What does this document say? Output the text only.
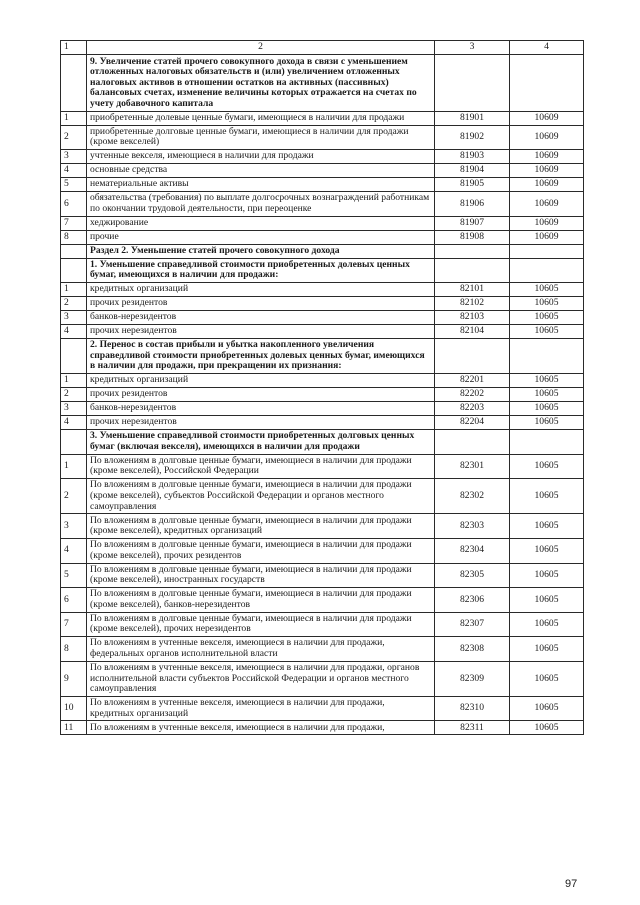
1	2	3	4
	9. Увеличение статей прочего совокупного дохода в связи с уменьшением отложенных налоговых обязательств и (или) увеличением отложенных налоговых активов в отношении остатков на активных (пассивных) балансовых счетах, изменение величины которых отражается на счетах по учету добавочного капитала		
1	приобретенные долевые ценные бумаги, имеющиеся в наличии для продажи	81901	10609
2	приобретенные долговые ценные бумаги, имеющиеся в наличии для продажи (кроме векселей)	81902	10609
3	учтенные векселя, имеющиеся в наличии для продажи	81903	10609
4	основные средства	81904	10609
5	нематериальные активы	81905	10609
6	обязательства (требования) по выплате долгосрочных вознаграждений работникам по окончании трудовой деятельности, при переоценке	81906	10609
7	хеджирование	81907	10609
8	прочие	81908	10609
	Раздел 2. Уменьшение статей прочего совокупного дохода		
	1. Уменьшение справедливой стоимости приобретенных долевых ценных бумаг, имеющихся в наличии для продажи:		
1	кредитных организаций	82101	10605
2	прочих резидентов	82102	10605
3	банков-нерезидентов	82103	10605
4	прочих нерезидентов	82104	10605
	2. Перенос в состав прибыли и убытка накопленного увеличения справедливой стоимости приобретенных долевых ценных бумаг, имеющихся в наличии для продажи, при прекращении их признания:		
1	кредитных организаций	82201	10605
2	прочих резидентов	82202	10605
3	банков-нерезидентов	82203	10605
4	прочих нерезидентов	82204	10605
	3. Уменьшение справедливой стоимости приобретенных долговых ценных бумаг (включая векселя), имеющихся в наличии для продажи		
1	По вложениям в долговые ценные бумаги, имеющиеся в наличии для продажи (кроме векселей), Российской Федерации	82301	10605
2	По вложениям в долговые ценные бумаги, имеющиеся в наличии для продажи (кроме векселей), субъектов Российской Федерации и органов местного самоуправления	82302	10605
3	По вложениям в долговые ценные бумаги, имеющиеся в наличии для продажи (кроме векселей), кредитных организаций	82303	10605
4	По вложениям в долговые ценные бумаги, имеющиеся в наличии для продажи (кроме векселей), прочих резидентов	82304	10605
5	По вложениям в долговые ценные бумаги, имеющиеся в наличии для продажи (кроме векселей), иностранных государств	82305	10605
6	По вложениям в долговые ценные бумаги, имеющиеся в наличии для продажи (кроме векселей), банков-нерезидентов	82306	10605
7	По вложениям в долговые ценные бумаги, имеющиеся в наличии для продажи (кроме векселей), прочих нерезидентов	82307	10605
8	По вложениям в учтенные векселя, имеющиеся в наличии для продажи, федеральных органов исполнительной власти	82308	10605
9	По вложениям в учтенные векселя, имеющиеся в наличии для продажи, органов исполнительной власти субъектов Российской Федерации и органов местного самоуправления	82309	10605
10	По вложениям в учтенные векселя, имеющиеся в наличии для продажи, кредитных организаций	82310	10605
11	По вложениям в учтенные векселя, имеющиеся в наличии для продажи,	82311	10605
97
